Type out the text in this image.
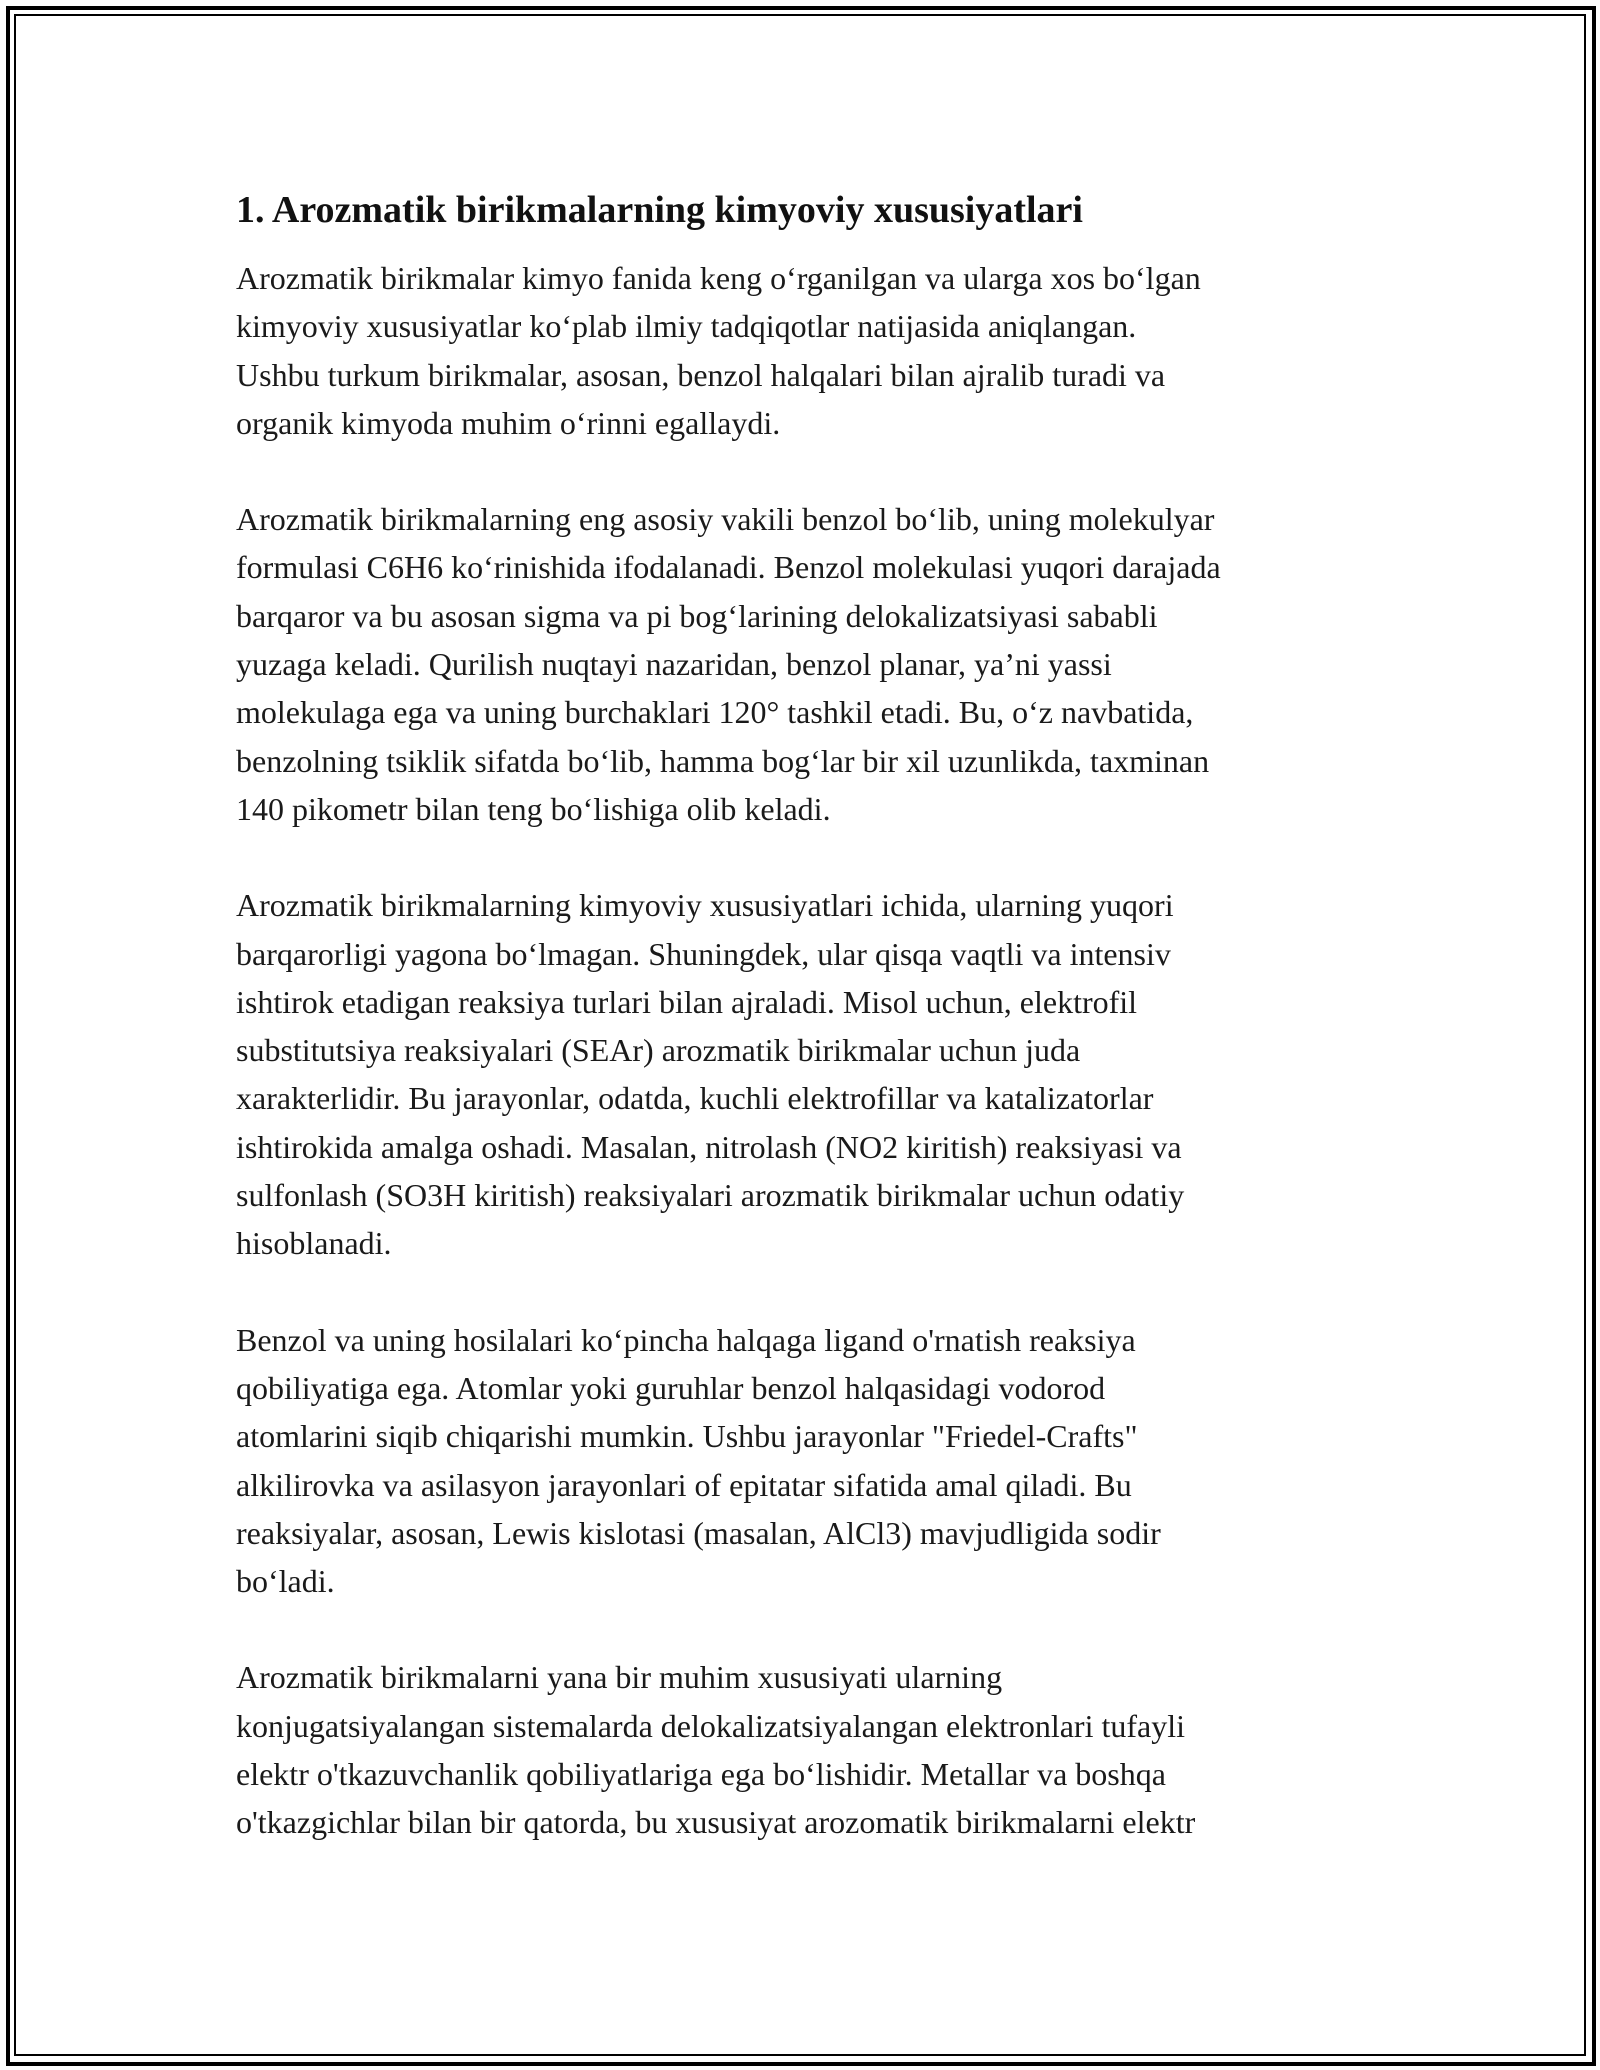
1. Arozmatik birikmalarning kimyoviy xususiyatlari

Arozmatik birikmalar kimyo fanida keng o‘rganilgan va ularga xos bo‘lgan
kimyoviy xususiyatlar ko‘plab ilmiy tadqiqotlar natijasida aniqlangan.
Ushbu turkum birikmalar, asosan, benzol halqalari bilan ajralib turadi va
organik kimyoda muhim o‘rinni egallaydi.

Arozmatik birikmalarning eng asosiy vakili benzol bo‘lib, uning molekulyar
formulasi C6H6 ko‘rinishida ifodalanadi. Benzol molekulasi yuqori darajada
barqaror va bu asosan sigma va pi bog‘larining delokalizatsiyasi sababli
yuzaga keladi. Qurilish nuqtayi nazaridan, benzol planar, ya’ni yassi
molekulaga ega va uning burchaklari 120° tashkil etadi. Bu, o‘z navbatida,
benzolning tsiklik sifatda bo‘lib, hamma bog‘lar bir xil uzunlikda, taxminan
140 pikometr bilan teng bo‘lishiga olib keladi.

Arozmatik birikmalarning kimyoviy xususiyatlari ichida, ularning yuqori
barqarorligi yagona bo‘lmagan. Shuningdek, ular qisqa vaqtli va intensiv
ishtirok etadigan reaksiya turlari bilan ajraladi. Misol uchun, elektrofil
substitutsiya reaksiyalari (SEAr) arozmatik birikmalar uchun juda
xarakterlidir. Bu jarayonlar, odatda, kuchli elektrofillar va katalizatorlar
ishtirokida amalga oshadi. Masalan, nitrolash (NO2 kiritish) reaksiyasi va
sulfonlash (SO3H kiritish) reaksiyalari arozmatik birikmalar uchun odatiy
hisoblanadi.

Benzol va uning hosilalari ko‘pincha halqaga ligand o'rnatish reaksiya
qobiliyatiga ega. Atomlar yoki guruhlar benzol halqasidagi vodorod
atomlarini siqib chiqarishi mumkin. Ushbu jarayonlar "Friedel-Crafts"
alkilirovka va asilasyon jarayonlari of epitatar sifatida amal qiladi. Bu
reaksiyalar, asosan, Lewis kislotasi (masalan, AlCl3) mavjudligida sodir
bo‘ladi.

Arozmatik birikmalarni yana bir muhim xususiyati ularning
konjugatsiyalangan sistemalarda delokalizatsiyalangan elektronlari tufayli
elektr o'tkazuvchanlik qobiliyatlariga ega bo‘lishidir. Metallar va boshqa
o'tkazgichlar bilan bir qatorda, bu xususiyat arozomatik birikmalarni elektr
